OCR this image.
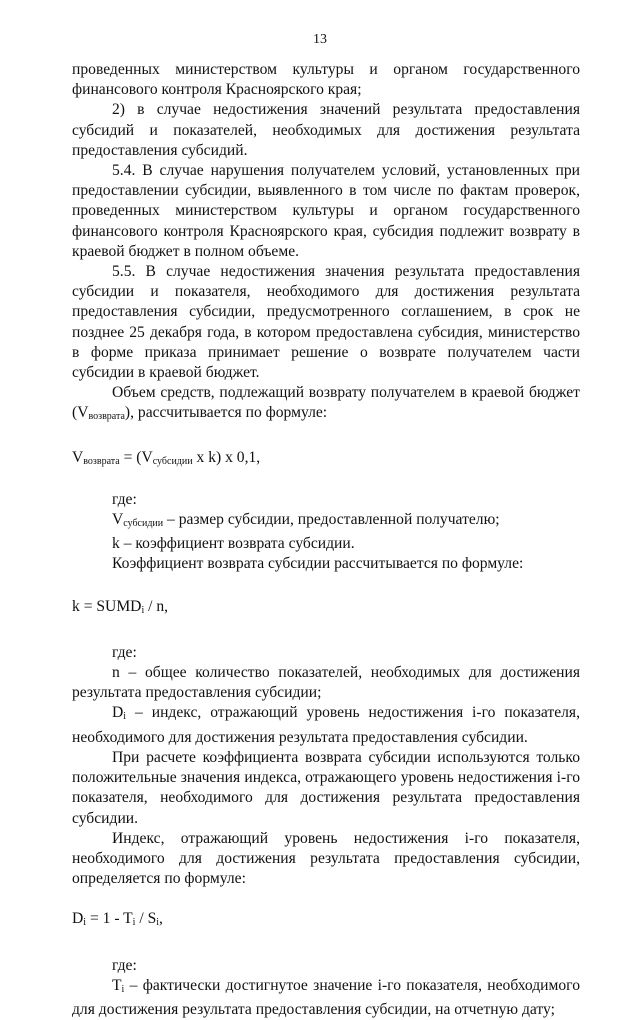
13

проведенных министерством культуры и органом государственного финансового контроля Красноярского края;

2) в случае недостижения значений результата предоставления субсидий и показателей, необходимых для достижения результата предоставления субсидий.

5.4. В случае нарушения получателем условий, установленных при предоставлении субсидии, выявленного в том числе по фактам проверок, проведенных министерством культуры и органом государственного финансового контроля Красноярского края, субсидия подлежит возврату в краевой бюджет в полном объеме.

5.5. В случае недостижения значения результата предоставления субсидии и показателя, необходимого для достижения результата предоставления субсидии, предусмотренного соглашением, в срок не позднее 25 декабря года, в котором предоставлена субсидия, министерство в форме приказа принимает решение о возврате получателем части субсидии в краевой бюджет.

Объем средств, подлежащий возврату получателем в краевой бюджет $(V_{возврата})$, рассчитывается по формуле:

$V_{возврата} = (V_{субсидии}$ x k) x 0,1,

где:

$V_{субсидии}$ – размер субсидии, предоставленной получателю;

k – коэффициент возврата субсидии.

Коэффициент возврата субсидии рассчитывается по формуле:

$k = SUMD_i / n$,

где:

n – общее количество показателей, необходимых для достижения результата предоставления субсидии;

$D_i$ – индекс, отражающий уровень недостижения i-го показателя, необходимого для достижения результата предоставления субсидии.

При расчете коэффициента возврата субсидии используются только положительные значения индекса, отражающего уровень недостижения i-го показателя, необходимого для достижения результата предоставления субсидии.

Индекс, отражающий уровень недостижения i-го показателя, необходимого для достижения результата предоставления субсидии, определяется по формуле:

$D_i = 1 - T_i / S_i$,

где:

$T_i$ – фактически достигнутое значение i-го показателя, необходимого для достижения результата предоставления субсидии, на отчетную дату;
